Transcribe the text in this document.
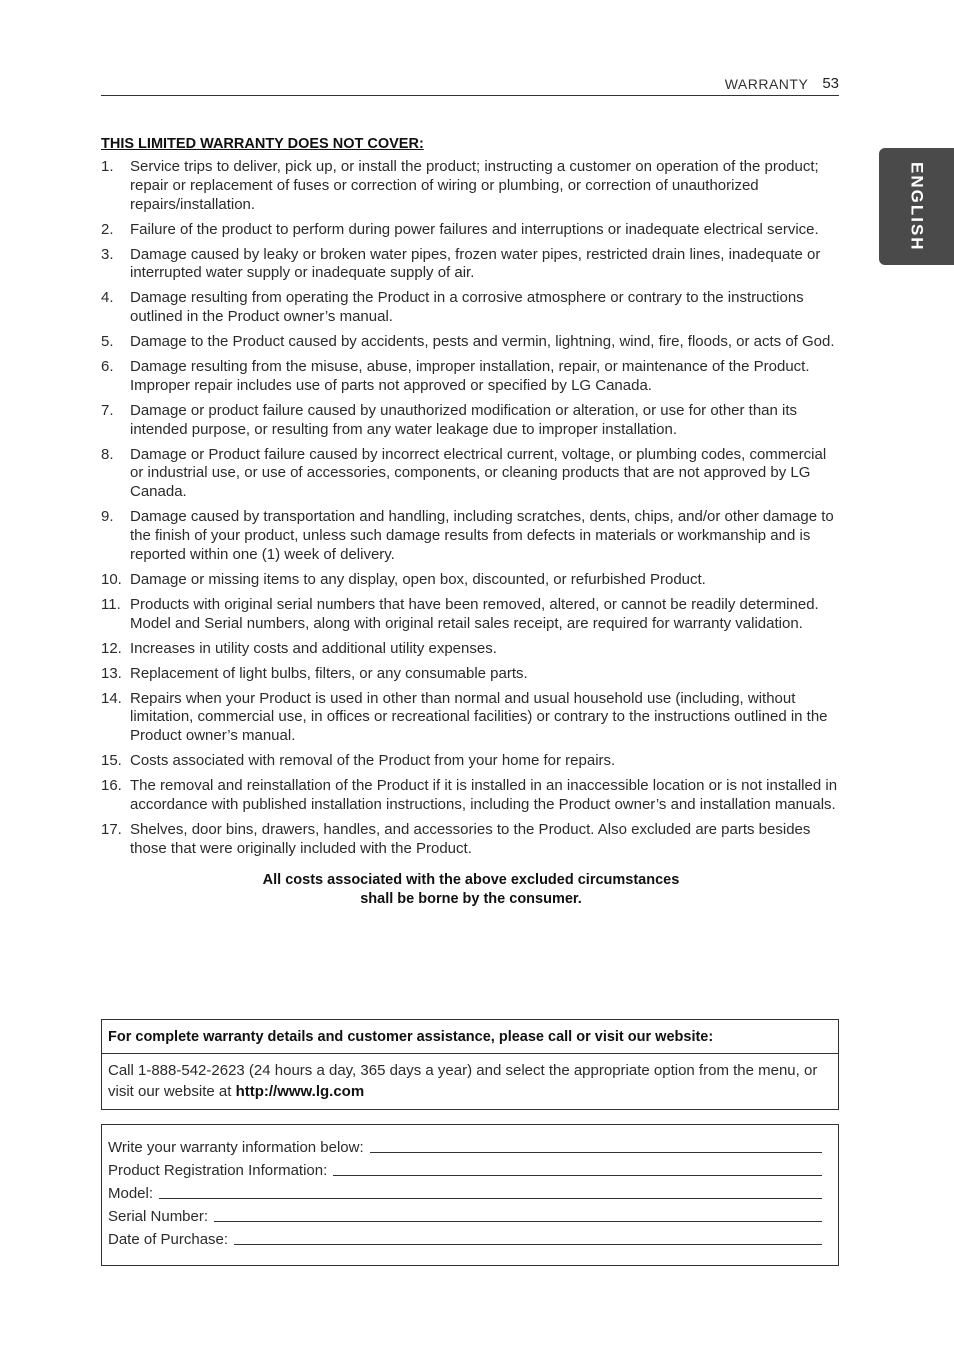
WARRANTY 53
ENGLISH
THIS LIMITED WARRANTY DOES NOT COVER:
1.	Service trips to deliver, pick up, or install the product; instructing a customer on operation of the product; repair or replacement of fuses or correction of wiring or plumbing, or correction of unauthorized repairs/installation.
2.	Failure of the product to perform during power failures and interruptions or inadequate electrical service.
3.	Damage caused by leaky or broken water pipes, frozen water pipes, restricted drain lines, inadequate or interrupted water supply or inadequate supply of air.
4.	Damage resulting from operating the Product in a corrosive atmosphere or contrary to the instructions outlined in the Product owner’s manual.
5.	Damage to the Product caused by accidents, pests and vermin, lightning, wind, fire, floods, or acts of God.
6.	Damage resulting from the misuse, abuse, improper installation, repair, or maintenance of the Product. Improper repair includes use of parts not approved or specified by LG Canada.
7.	Damage or product failure caused by unauthorized modification or alteration, or use for other than its intended purpose, or resulting from any water leakage due to improper installation.
8.	Damage or Product failure caused by incorrect electrical current, voltage, or plumbing codes, commercial or industrial use, or use of accessories, components, or cleaning products that are not approved by LG Canada.
9.	Damage caused by transportation and handling, including scratches, dents, chips, and/or other damage to the finish of your product, unless such damage results from defects in materials or workmanship and is reported within one (1) week of delivery.
10. Damage or missing items to any display, open box, discounted, or refurbished Product.
11. Products with original serial numbers that have been removed, altered, or cannot be readily determined. Model and Serial numbers, along with original retail sales receipt, are required for warranty validation.
12. Increases in utility costs and additional utility expenses.
13. Replacement of light bulbs, filters, or any consumable parts.
14. Repairs when your Product is used in other than normal and usual household use (including, without limitation, commercial use, in offices or recreational facilities) or contrary to the instructions outlined in the Product owner’s manual.
15. Costs associated with removal of the Product from your home for repairs.
16. The removal and reinstallation of the Product if it is installed in an inaccessible location or is not installed in accordance with published installation instructions, including the Product owner’s and installation manuals.
17. Shelves, door bins, drawers, handles, and accessories to the Product. Also excluded are parts besides those that were originally included with the Product.
All costs associated with the above excluded circumstances
shall be borne by the consumer.
For complete warranty details and customer assistance, please call or visit our website:
Call 1-888-542-2623 (24 hours a day, 365 days a year) and select the appropriate option from the menu, or visit our website at http://www.lg.com
Write your warranty information below:
Product Registration Information:
Model:
Serial Number:
Date of Purchase:
